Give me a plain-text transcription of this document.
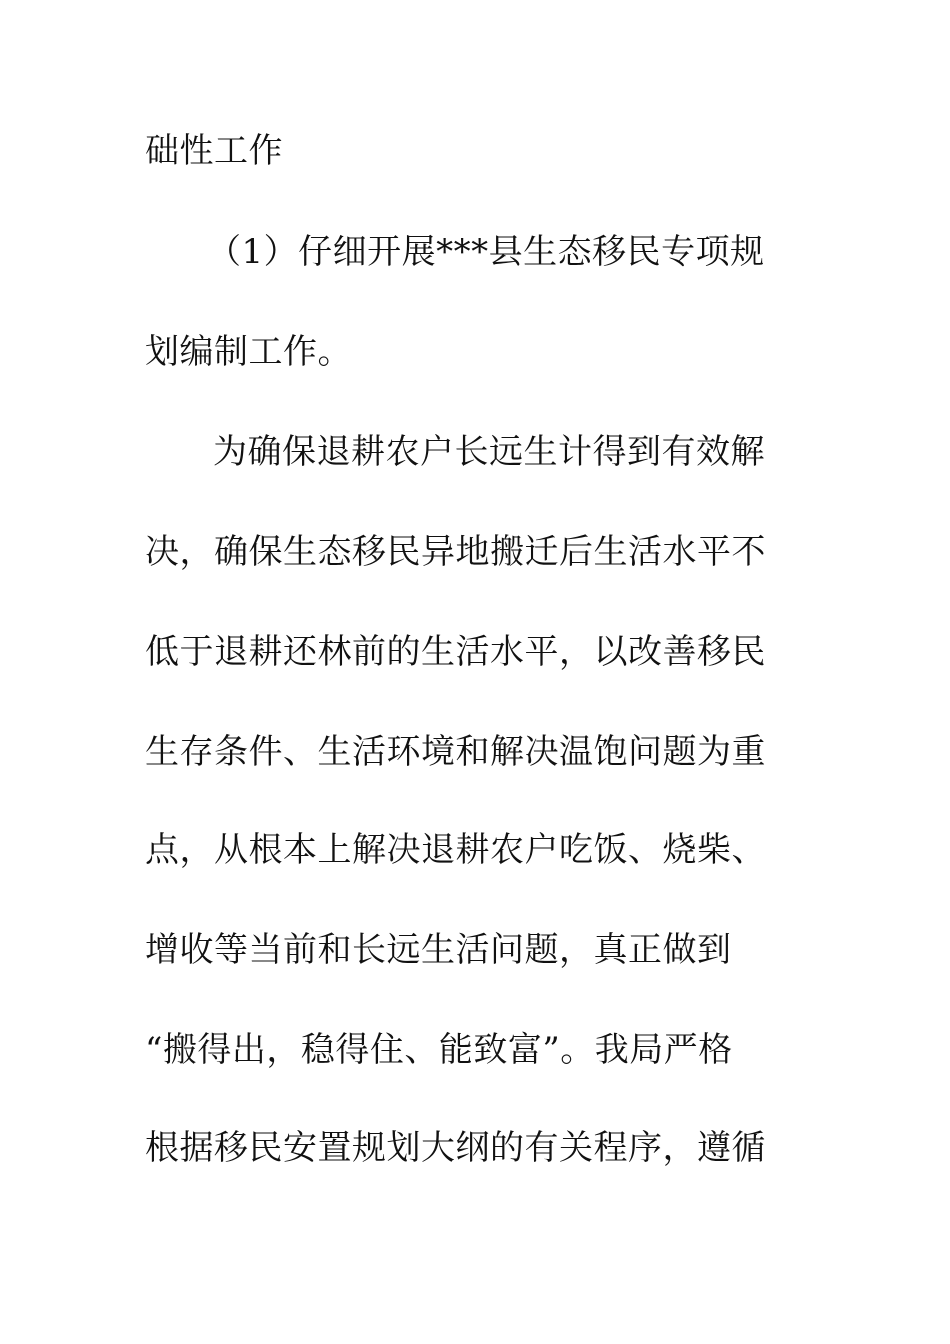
础性工作
（1）仔细开展***县生态移民专项规
划编制工作。
为确保退耕农户长远生计得到有效解
决，确保生态移民异地搬迁后生活水平不
低于退耕还林前的生活水平，以改善移民
生存条件、生活环境和解决温饱问题为重
点，从根本上解决退耕农户吃饭、烧柴、
增收等当前和长远生活问题，真正做到
“搬得出，稳得住、能致富”。我局严格
根据移民安置规划大纲的有关程序，遵循
